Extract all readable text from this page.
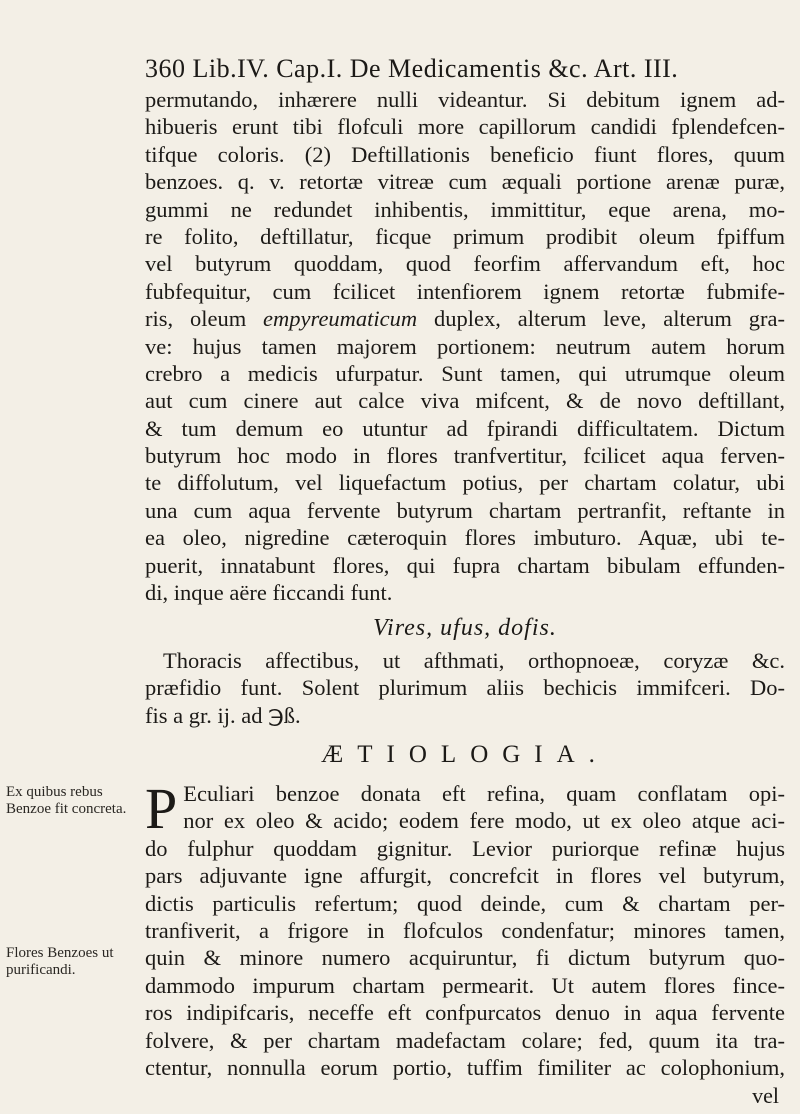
360 Lib.IV. Cap.I. De Medicamentis &c. Art. III.
permutando, inhærere nulli videantur. Si debitum ignem ad-
hibueris erunt tibi flofculi more capillorum candidi fplendefcen-
tifque coloris. (2) Deftillationis beneficio fiunt flores, quum
benzoes. q. v. retortæ vitreæ cum æquali portione arenæ puræ,
gummi ne redundet inhibentis, immittitur, eque arena, mo-
re folito, deftillatur, ficque primum prodibit oleum fpiffum
vel butyrum quoddam, quod feorfim affervandum eft, hoc
fubfequitur, cum fcilicet intenfiorem ignem retortæ fubmife-
ris, oleum empyreumaticum duplex, alterum leve, alterum gra-
ve: hujus tamen majorem portionem: neutrum autem horum
crebro a medicis ufurpatur. Sunt tamen, qui utrumque oleum
aut cum cinere aut calce viva mifcent, & de novo deftillant,
& tum demum eo utuntur ad fpirandi difficultatem. Dictum
butyrum hoc modo in flores tranfvertitur, fcilicet aqua ferven-
te diffolutum, vel liquefactum potius, per chartam colatur, ubi
una cum aqua fervente butyrum chartam pertranfit, reftante in
ea oleo, nigredine cæteroquin flores imbuturo. Aquæ, ubi te-
puerit, innatabunt flores, qui fupra chartam bibulam effunden-
di, inque aëre ficcandi funt.
Vires, ufus, dofis.
Thoracis affectibus, ut afthmati, orthopnoeæ, coryzæ &c.
præfidio funt. Solent plurimum aliis bechicis immifceri. Do-
fis a gr. ij. ad ℈ß.
ÆTIOLOGIA.
P Eculiari benzoe donata eft refina, quam conflatam opi-
nor ex oleo & acido; eodem fere modo, ut ex oleo atque aci-
do fulphur quoddam gignitur. Levior puriorque refinæ hujus
pars adjuvante igne affurgit, concrefcit in flores vel butyrum,
dictis particulis refertum; quod deinde, cum & chartam per-
tranfiverit, a frigore in flofculos condenfatur; minores tamen,
quin & minore numero acquiruntur, fi dictum butyrum quo-
dammodo impurum chartam permearit. Ut autem flores fince-
ros indipifcaris, neceffe eft confpurcatos denuo in aqua fervente
folvere, & per chartam madefactam colare; fed, quum ita tra-
ctentur, nonnulla eorum portio, tuffim fimiliter ac colophonium,
vel
Ex quibus rebus Benzoe fit concreta.
Flores Benzoes ut purificandi.
